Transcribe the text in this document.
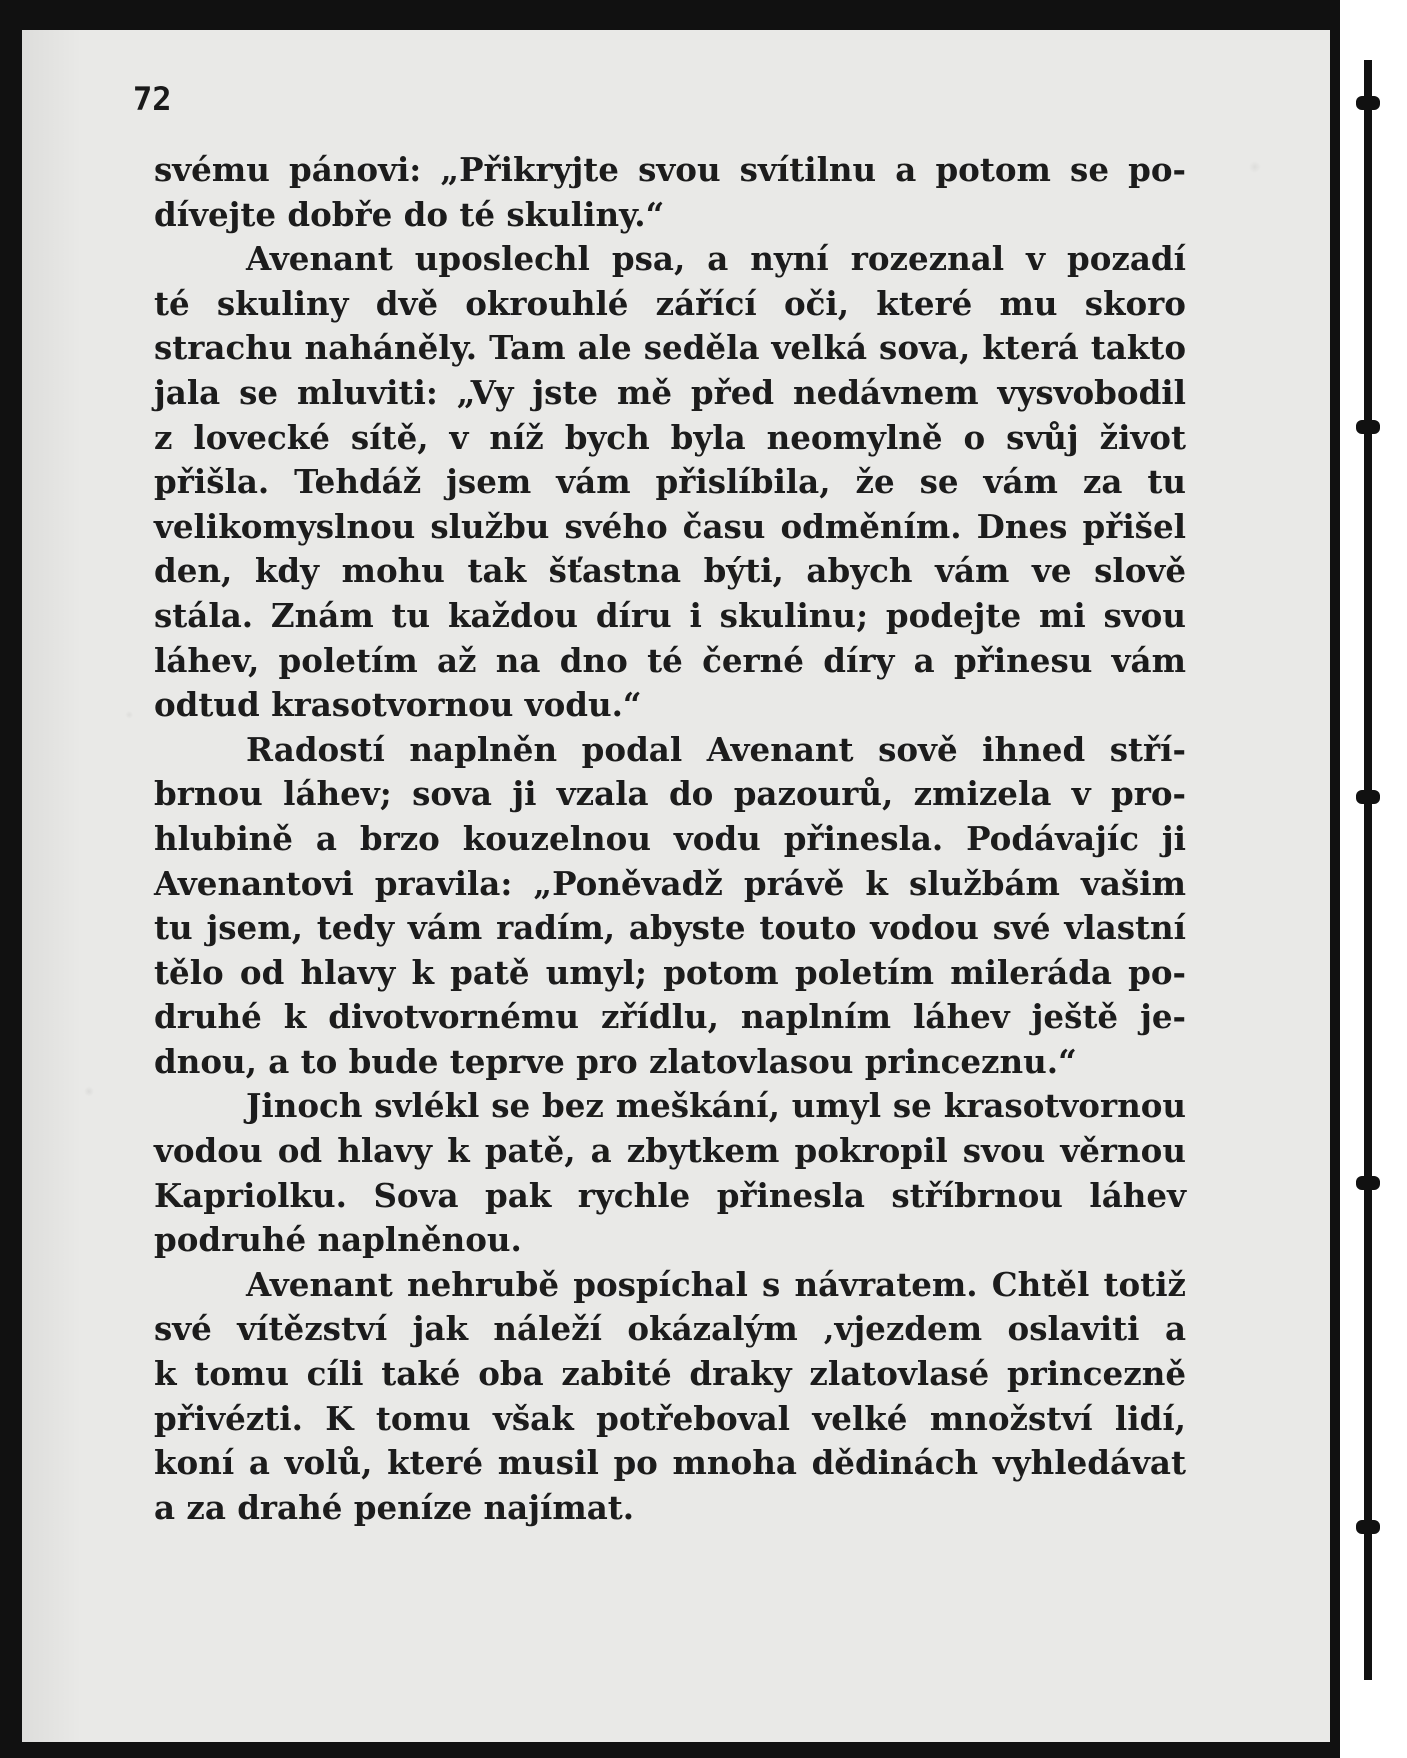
72

svému pánovi: „Přikryjte svou svítilnu a potom se po-
dívejte dobře do té skuliny.“
Avenant uposlechl psa, a nyní rozeznal v pozadí
té skuliny dvě okrouhlé zářící oči, které mu skoro
strachu naháněly. Tam ale seděla velká sova, která takto
jala se mluviti: „Vy jste mě před nedávnem vysvobodil
z lovecké sítě, v níž bych byla neomylně o svůj život
přišla. Tehdáž jsem vám přislíbila, že se vám za tu
velikomyslnou službu svého času odměním. Dnes přišel
den, kdy mohu tak šťastna býti, abych vám ve slově
stála. Znám tu každou díru i skulinu; podejte mi svou
láhev, poletím až na dno té černé díry a přinesu vám
odtud krasotvornou vodu.“
Radostí naplněn podal Avenant sově ihned stří-
brnou láhev; sova ji vzala do pazourů, zmizela v pro-
hlubině a brzo kouzelnou vodu přinesla. Podávajíc ji
Avenantovi pravila: „Poněvadž právě k službám vašim
tu jsem, tedy vám radím, abyste touto vodou své vlastní
tělo od hlavy k patě umyl; potom poletím mileráda po-
druhé k divotvornému zřídlu, naplním láhev ještě je-
dnou, a to bude teprve pro zlatovlasou princeznu.“
Jinoch svlékl se bez meškání, umyl se krasotvornou
vodou od hlavy k patě, a zbytkem pokropil svou věrnou
Kapriolku. Sova pak rychle přinesla stříbrnou láhev
podruhé naplněnou.
Avenant nehrubě pospíchal s návratem. Chtěl totiž
své vítězství jak náleží okázalým ‚vjezdem oslaviti a
k tomu cíli také oba zabité draky zlatovlasé princezně
přivézti. K tomu však potřeboval velké množství lidí,
koní a volů, které musil po mnoha dědinách vyhledávat
a za drahé peníze najímat.
